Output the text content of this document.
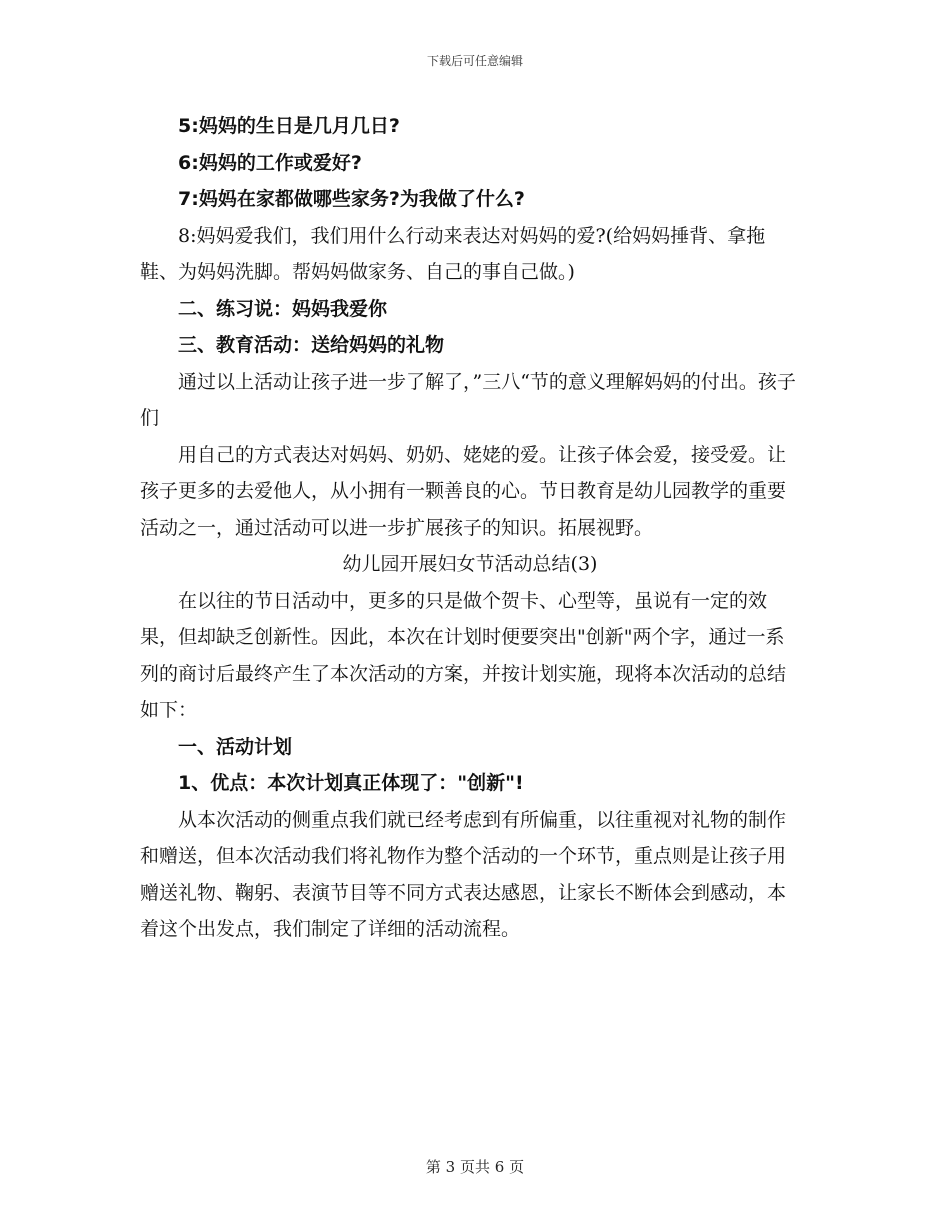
下载后可任意编辑

5:妈妈的生日是几月几日?

6:妈妈的工作或爱好?

7:妈妈在家都做哪些家务?为我做了什么?

8:妈妈爱我们，我们用什么行动来表达对妈妈的爱?(给妈妈捶背、拿拖鞋、为妈妈洗脚。帮妈妈做家务、自己的事自己做。)

二、练习说：妈妈我爱你

三、教育活动：送给妈妈的礼物

通过以上活动让孩子进一步了解了，”三八“节的意义理解妈妈的付出。孩子们

用自己的方式表达对妈妈、奶奶、姥姥的爱。让孩子体会爱，接受爱。让孩子更多的去爱他人，从小拥有一颗善良的心。节日教育是幼儿园教学的重要活动之一，通过活动可以进一步扩展孩子的知识。拓展视野。

幼儿园开展妇女节活动总结(3)

在以往的节日活动中，更多的只是做个贺卡、心型等，虽说有一定的效果，但却缺乏创新性。因此，本次在计划时便要突出"创新"两个字，通过一系列的商讨后最终产生了本次活动的方案，并按计划实施，现将本次活动的总结如下：

一、活动计划

1、优点：本次计划真正体现了："创新"!

从本次活动的侧重点我们就已经考虑到有所偏重，以往重视对礼物的制作和赠送，但本次活动我们将礼物作为整个活动的一个环节，重点则是让孩子用赠送礼物、鞠躬、表演节目等不同方式表达感恩，让家长不断体会到感动，本着这个出发点，我们制定了详细的活动流程。

第 3 页共 6 页
